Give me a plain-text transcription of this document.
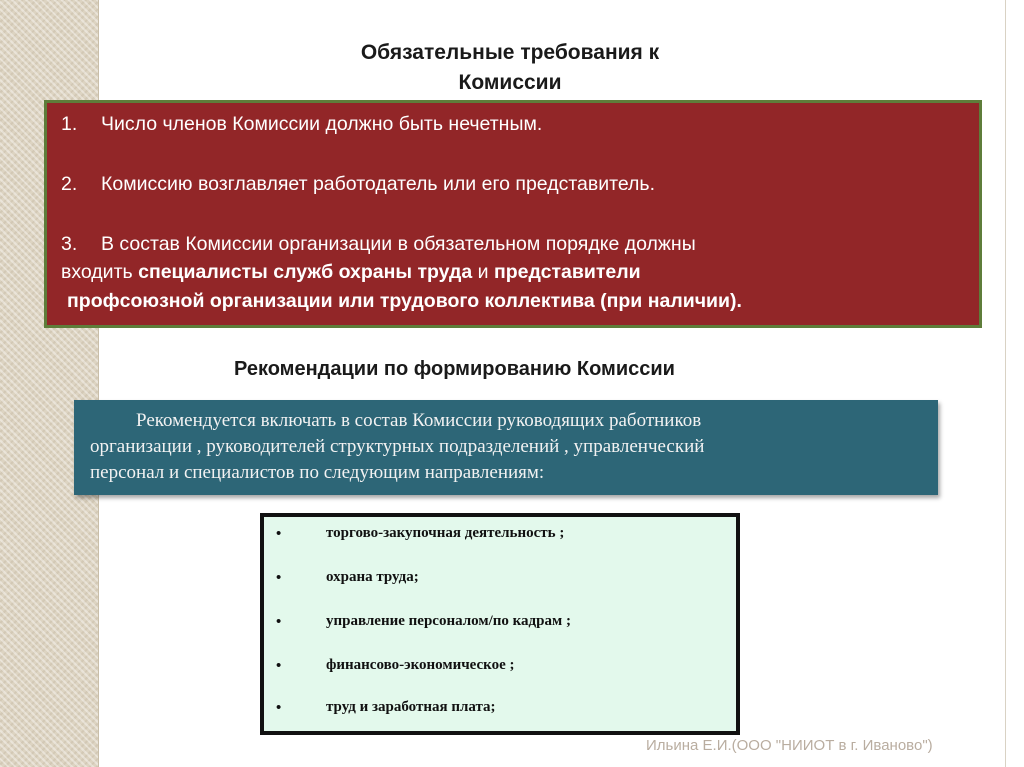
Обязательные требования к
Комиссии
1. Число членов Комиссии должно быть нечетным.
2. Комиссию возглавляет работодатель или его представитель.
3. В состав Комиссии организации в обязательном порядке должны
входить специалисты служб охраны труда и представители
профсоюзной организации или трудового коллектива (при наличии).
Рекомендации по формированию Комиссии
Рекомендуется включать в состав Комиссии руководящих работников
организации , руководителей структурных подразделений , управленческий
персонал и специалистов по следующим направлениям:
•	торгово-закупочная деятельность ;
•	охрана труда;
•	управление персоналом/по кадрам ;
•	финансово-экономическое ;
•	труд и заработная плата;
Ильина Е.И.(ООО "НИИОТ в г. Иваново")
